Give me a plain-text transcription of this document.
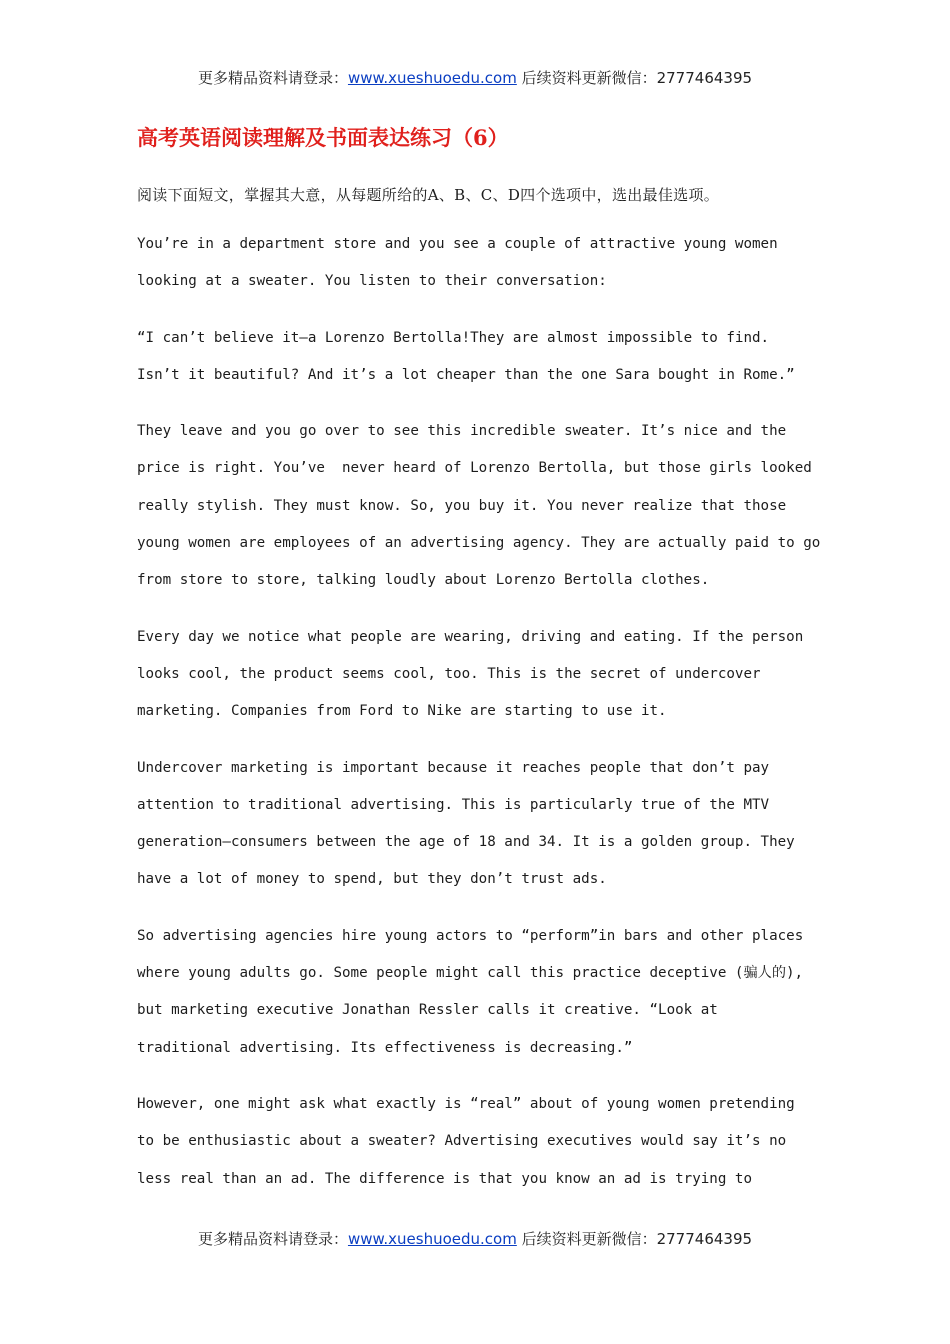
更多精品资料请登录：www.xueshuoedu.com 后续资料更新微信：2777464395
高考英语阅读理解及书面表达练习（6）

阅读下面短文，掌握其大意，从每题所给的A、B、C、D四个选项中，选出最佳选项。

You’re in a department store and you see a couple of attractive young women
looking at a sweater. You listen to their conversation:
“I can’t believe it—a Lorenzo Bertolla!They are almost impossible to find.
Isn’t it beautiful? And it’s a lot cheaper than the one Sara bought in Rome.”
They leave and you go over to see this incredible sweater. It’s nice and the
price is right. You’ve  never heard of Lorenzo Bertolla, but those girls looked
really stylish. They must know. So, you buy it. You never realize that those
young women are employees of an advertising agency. They are actually paid to go
from store to store, talking loudly about Lorenzo Bertolla clothes.
Every day we notice what people are wearing, driving and eating. If the person
looks cool, the product seems cool, too. This is the secret of undercover
marketing. Companies from Ford to Nike are starting to use it.
Undercover marketing is important because it reaches people that don’t pay
attention to traditional advertising. This is particularly true of the MTV
generation—consumers between the age of 18 and 34. It is a golden group. They
have a lot of money to spend, but they don’t trust ads.
So advertising agencies hire young actors to “perform”in bars and other places
where young adults go. Some people might call this practice deceptive (骗人的),
but marketing executive Jonathan Ressler calls it creative. “Look at
traditional advertising. Its effectiveness is decreasing.”
However, one might ask what exactly is “real” about of young women pretending
to be enthusiastic about a sweater? Advertising executives would say it’s no
less real than an ad. The difference is that you know an ad is trying to
更多精品资料请登录：www.xueshuoedu.com 后续资料更新微信：2777464395
